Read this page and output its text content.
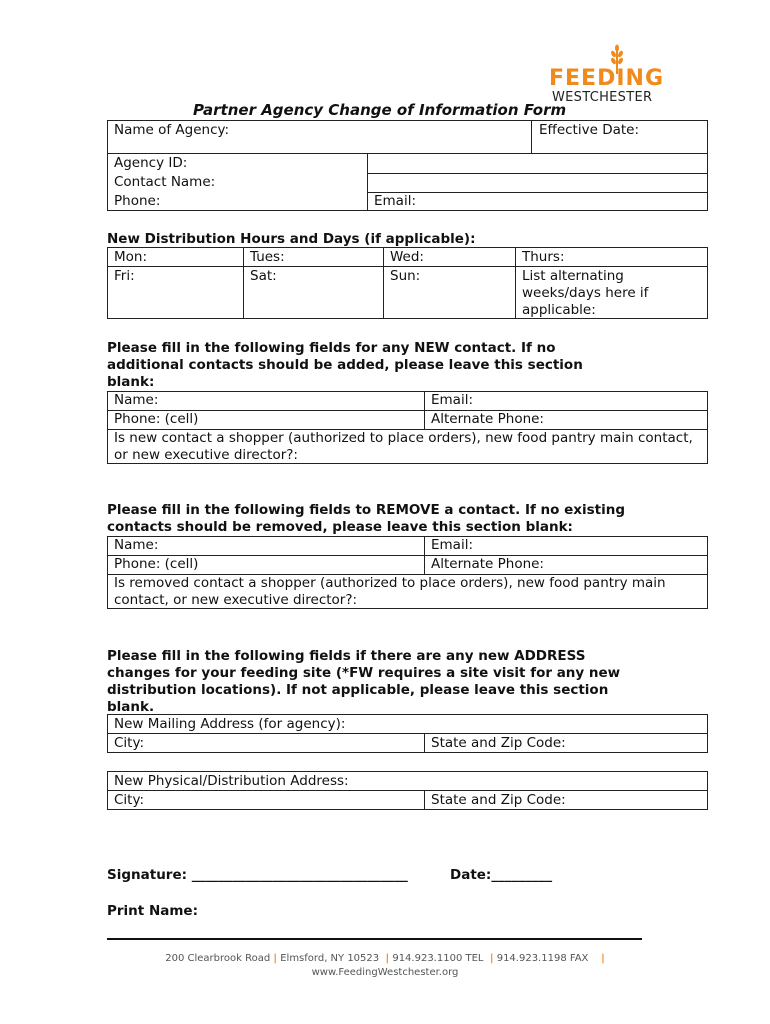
FEEDING
WESTCHESTER
Partner Agency Change of Information Form
Name of Agency:	Effective Date:
Agency ID:
Contact Name:
Phone:	Email:
New Distribution Hours and Days (if applicable):
Mon:	Tues:	Wed:	Thurs:
Fri:	Sat:	Sun:	List alternating weeks/days here if applicable:
Please fill in the following fields for any NEW contact. If no additional contacts should be added, please leave this section blank:
Name:	Email:
Phone: (cell)	Alternate Phone:
Is new contact a shopper (authorized to place orders), new food pantry main contact, or new executive director?:
Please fill in the following fields to REMOVE a contact. If no existing contacts should be removed, please leave this section blank:
Name:	Email:
Phone: (cell)	Alternate Phone:
Is removed contact a shopper (authorized to place orders), new food pantry main contact, or new executive director?:
Please fill in the following fields if there are any new ADDRESS changes for your feeding site (*FW requires a site visit for any new distribution locations). If not applicable, please leave this section blank.
New Mailing Address (for agency):
City:	State and Zip Code:
New Physical/Distribution Address:
City:	State and Zip Code:
Signature: ________________________________	Date:_________
Print Name:
200 Clearbrook Road | Elmsford, NY 10523 | 914.923.1100 TEL | 914.923.1198 FAX |
www.FeedingWestchester.org
